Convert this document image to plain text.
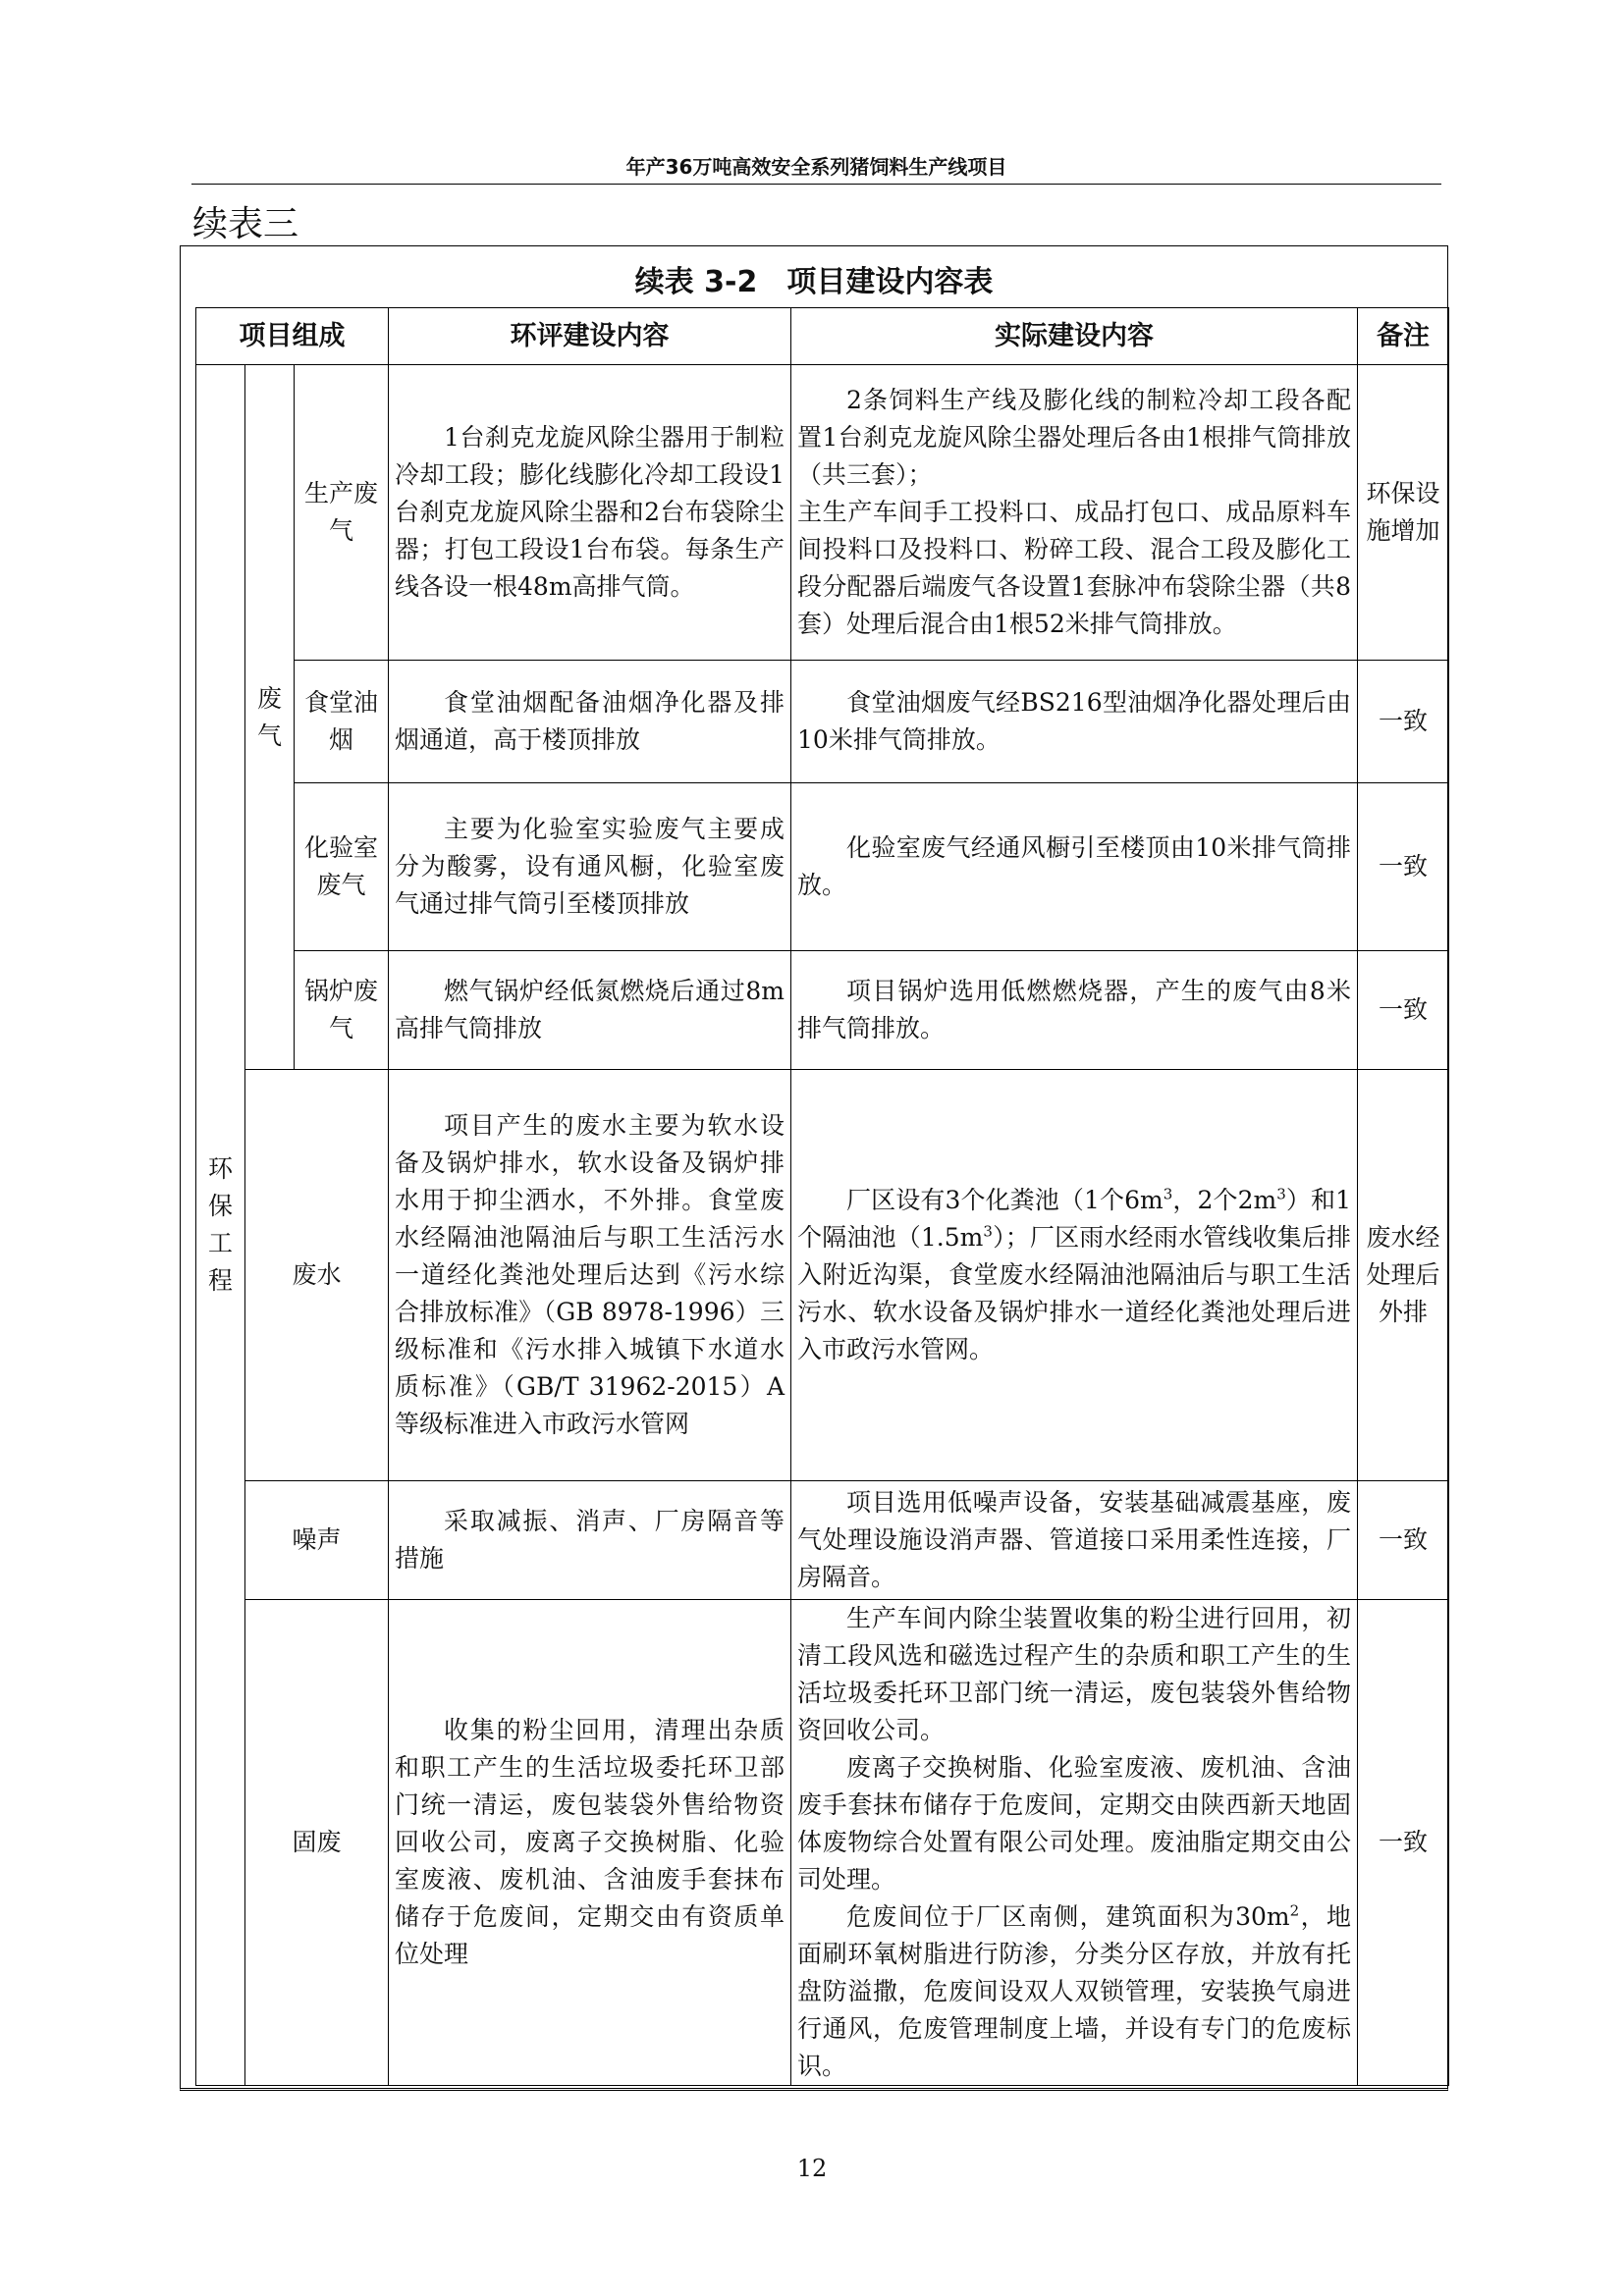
年产36万吨高效安全系列猪饲料生产线项目
续表三
续表 3-2　项目建设内容表
项目组成			环评建设内容	实际建设内容	备注
环保工程	废气	生产废气	1台刹克龙旋风除尘器用于制粒冷却工段；膨化线膨化冷却工段设1台刹克龙旋风除尘器和2台布袋除尘器；打包工段设1台布袋。每条生产线各设一根48m高排气筒。	2条饲料生产线及膨化线的制粒冷却工段各配置1台刹克龙旋风除尘器处理后各由1根排气筒排放（共三套）；
主生产车间手工投料口、成品打包口、成品原料车间投料口及投料口、粉碎工段、混合工段及膨化工段分配器后端废气各设置1套脉冲布袋除尘器（共8套）处理后混合由1根52米排气筒排放。	环保设施增加
		食堂油烟	食堂油烟配备油烟净化器及排烟通道，高于楼顶排放	食堂油烟废气经BS216型油烟净化器处理后由10米排气筒排放。	一致
		化验室废气	主要为化验室实验废气主要成分为酸雾，设有通风橱，化验室废气通过排气筒引至楼顶排放	化验室废气经通风橱引至楼顶由10米排气筒排放。	一致
		锅炉废气	燃气锅炉经低氮燃烧后通过8m高排气筒排放	项目锅炉选用低燃燃烧器，产生的废气由8米排气筒排放。	一致
	废水		项目产生的废水主要为软水设备及锅炉排水，软水设备及锅炉排水用于抑尘洒水，不外排。食堂废水经隔油池隔油后与职工生活污水一道经化粪池处理后达到《污水综合排放标准》（GB 8978-1996）三级标准和《污水排入城镇下水道水质标准》（GB/T 31962-2015）A等级标准进入市政污水管网	厂区设有3个化粪池（1个$6m^3$，2个$2m^3$）和1个隔油池$(1.5m^3)$；厂区雨水经雨水管线收集后排入附近沟渠，食堂废水经隔油池隔油后与职工生活污水、软水设备及锅炉排水一道经化粪池处理后进入市政污水管网。	废水经处理后外排
	噪声		采取减振、消声、厂房隔音等措施	项目选用低噪声设备，安装基础减震基座，废气处理设施设消声器、管道接口采用柔性连接，厂房隔音。	一致
	固废		收集的粉尘回用，清理出杂质和职工产生的生活垃圾委托环卫部门统一清运，废包装袋外售给物资回收公司，废离子交换树脂、化验室废液、废机油、含油废手套抹布储存于危废间，定期交由有资质单位处理	生产车间内除尘装置收集的粉尘进行回用，初清工段风选和磁选过程产生的杂质和职工产生的生活垃圾委托环卫部门统一清运，废包装袋外售给物资回收公司。
废离子交换树脂、化验室废液、废机油、含油废手套抹布储存于危废间，定期交由陕西新天地固体废物综合处置有限公司处理。废油脂定期交由公司处理。
危废间位于厂区南侧，建筑面积为$30m^2$，地面刷环氧树脂进行防渗，分类分区存放，并放有托盘防溢撒，危废间设双人双锁管理，安装换气扇进行通风，危废管理制度上墙，并设有专门的危废标识。	一致
12
